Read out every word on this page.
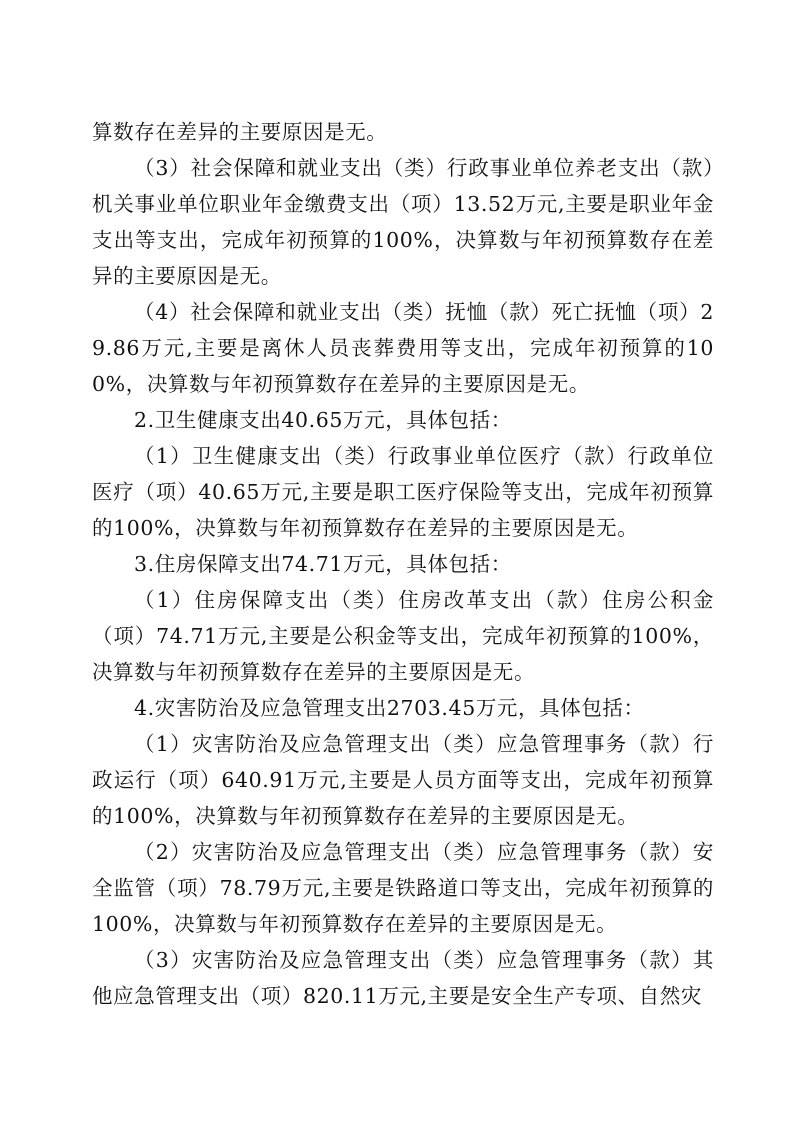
算数存在差异的主要原因是无。

（3）社会保障和就业支出（类）行政事业单位养老支出（款）机关事业单位职业年金缴费支出（项）13.52万元,主要是职业年金支出等支出，完成年初预算的100%，决算数与年初预算数存在差异的主要原因是无。

（4）社会保障和就业支出（类）抚恤（款）死亡抚恤（项）29.86万元,主要是离休人员丧葬费用等支出，完成年初预算的100%，决算数与年初预算数存在差异的主要原因是无。

2.卫生健康支出40.65万元，具体包括：

（1）卫生健康支出（类）行政事业单位医疗（款）行政单位医疗（项）40.65万元,主要是职工医疗保险等支出，完成年初预算的100%，决算数与年初预算数存在差异的主要原因是无。

3.住房保障支出74.71万元，具体包括：

（1）住房保障支出（类）住房改革支出（款）住房公积金（项）74.71万元,主要是公积金等支出，完成年初预算的100%，决算数与年初预算数存在差异的主要原因是无。

4.灾害防治及应急管理支出2703.45万元，具体包括：

（1）灾害防治及应急管理支出（类）应急管理事务（款）行政运行（项）640.91万元,主要是人员方面等支出，完成年初预算的100%，决算数与年初预算数存在差异的主要原因是无。

（2）灾害防治及应急管理支出（类）应急管理事务（款）安全监管（项）78.79万元,主要是铁路道口等支出，完成年初预算的100%，决算数与年初预算数存在差异的主要原因是无。

（3）灾害防治及应急管理支出（类）应急管理事务（款）其他应急管理支出（项）820.11万元,主要是安全生产专项、自然灾
